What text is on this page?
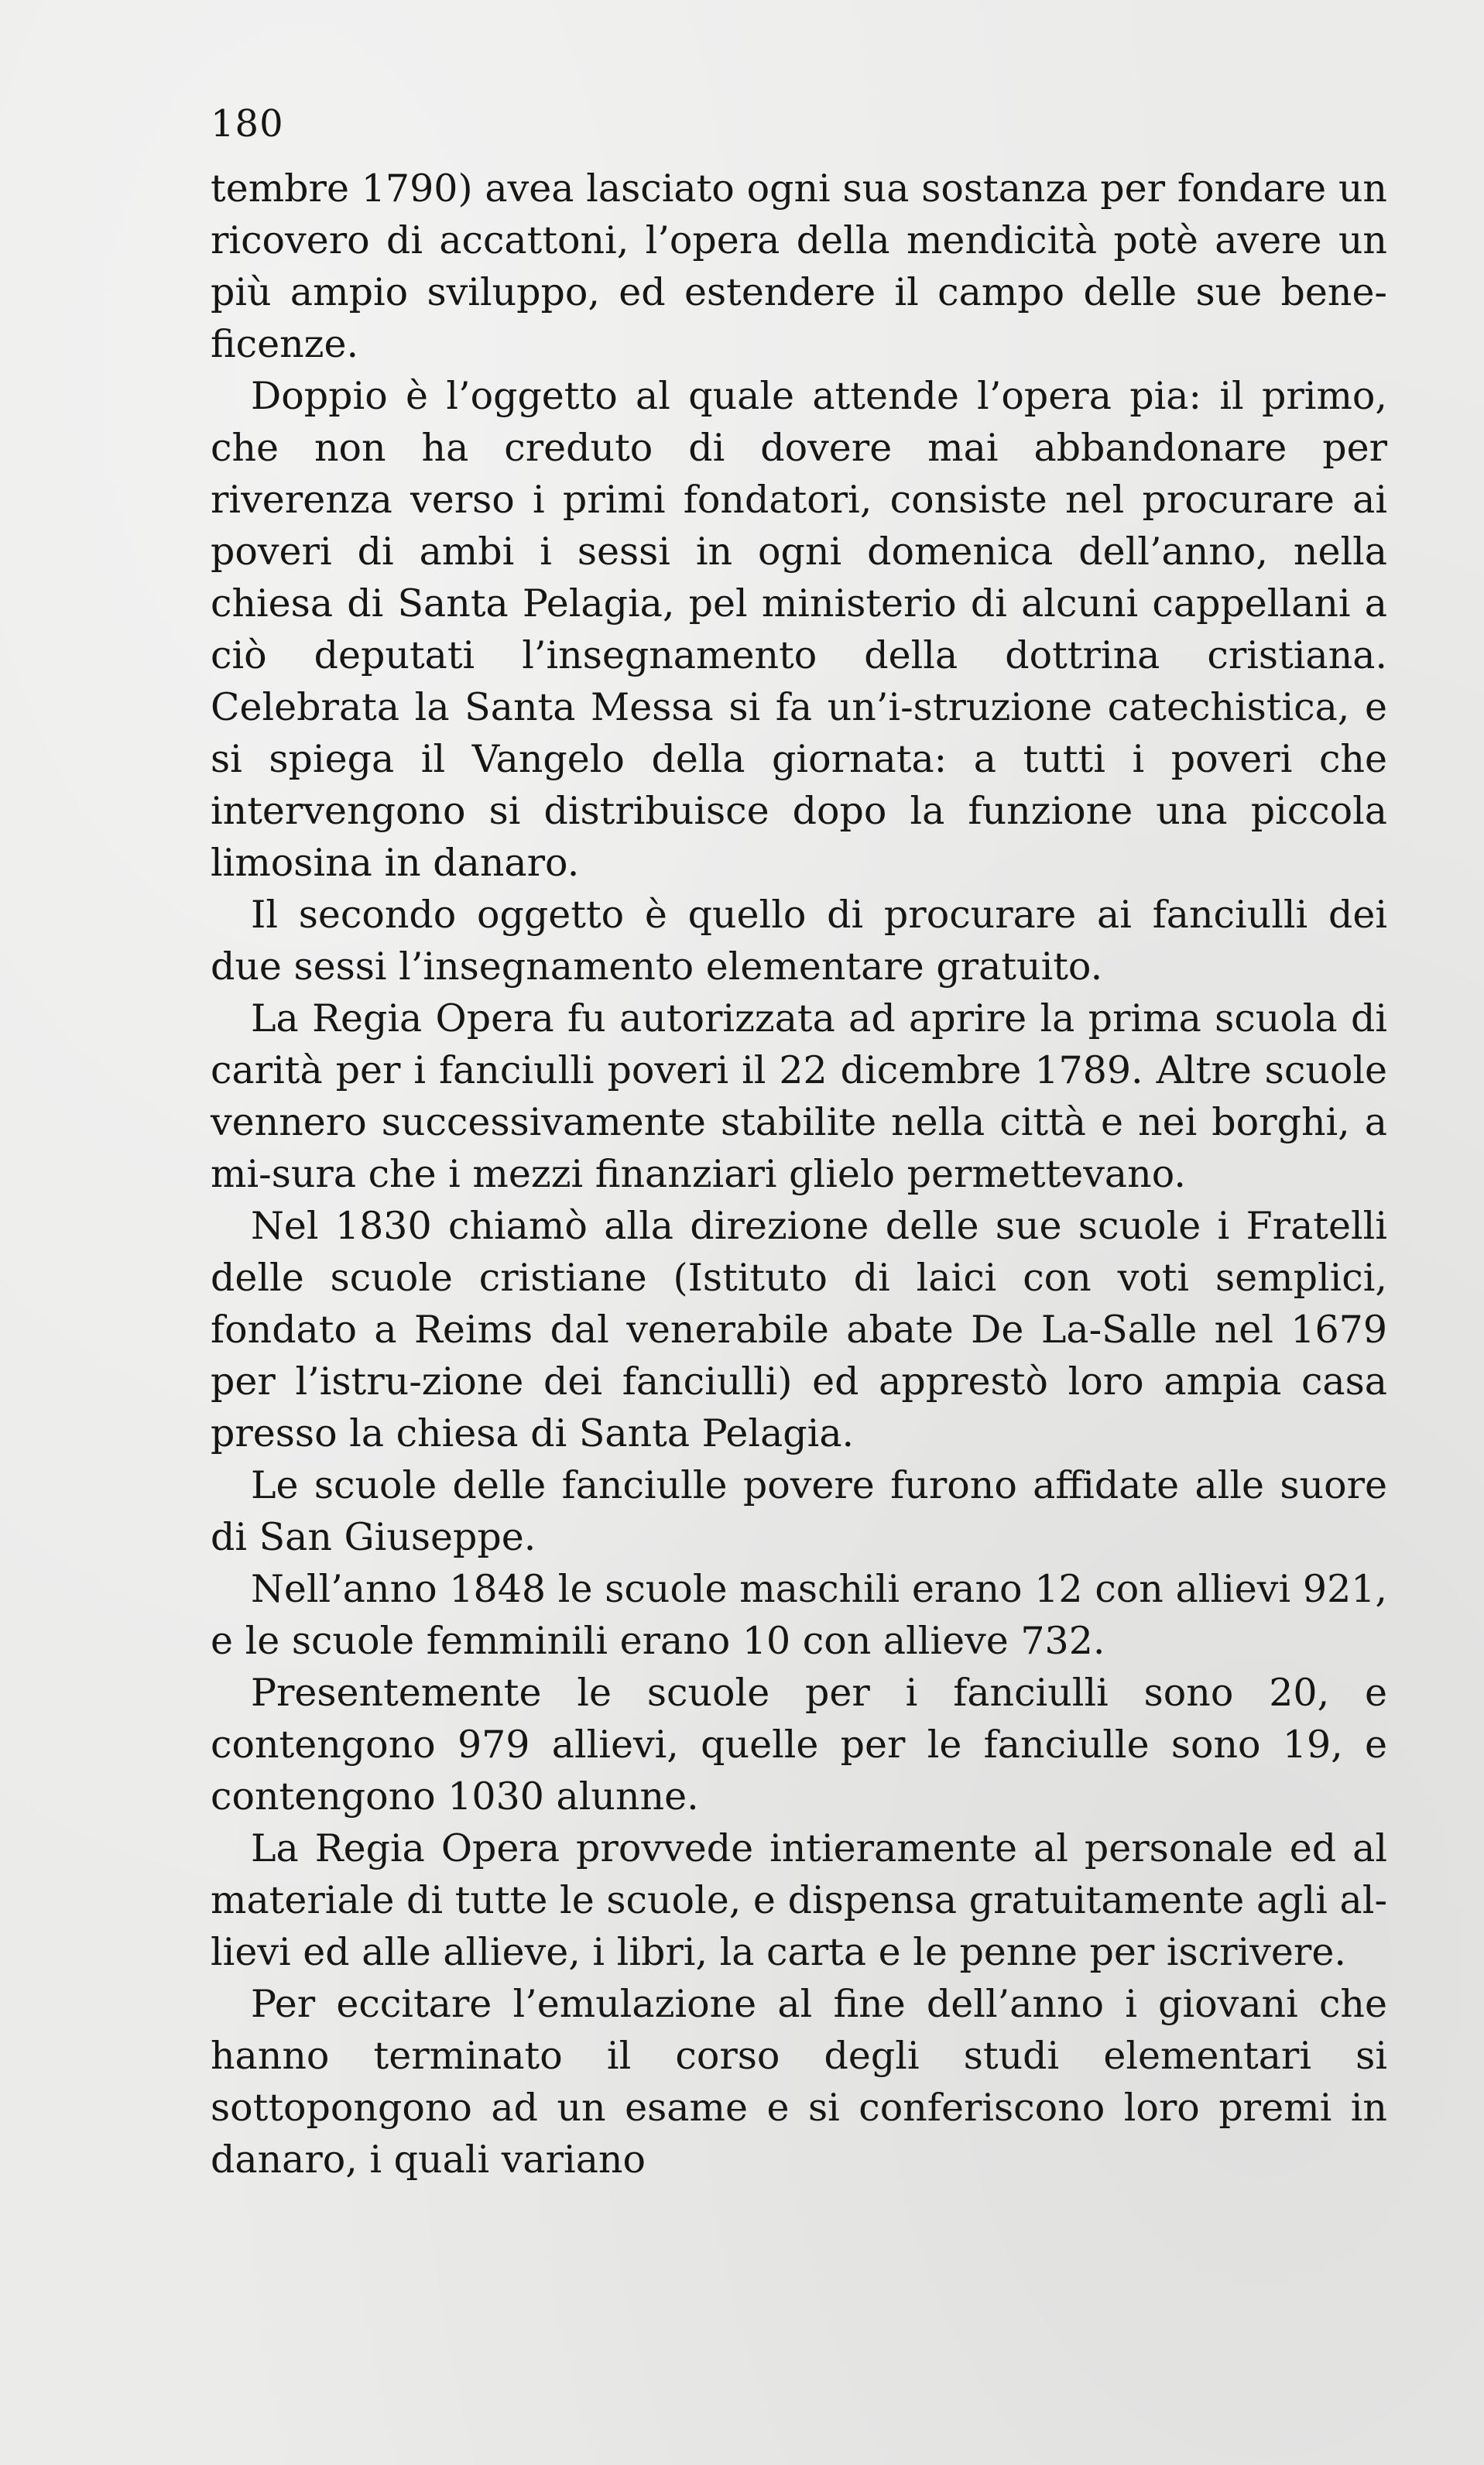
180

tembre 1790) avea lasciato ogni sua sostanza per fondare un ricovero di accattoni, l’opera della mendicità potè avere un più ampio sviluppo, ed estendere il campo delle sue bene-ficenze.

Doppio è l’oggetto al quale attende l’opera pia: il primo, che non ha creduto di dovere mai abbandonare per riverenza verso i primi fondatori, consiste nel procurare ai poveri di ambi i sessi in ogni domenica dell’anno, nella chiesa di Santa Pelagia, pel ministerio di alcuni cappellani a ciò deputati l’insegnamento della dottrina cristiana. Celebrata la Santa Messa si fa un’i-struzione catechistica, e si spiega il Vangelo della giornata: a tutti i poveri che intervengono si distribuisce dopo la funzione una piccola limosina in danaro.

Il secondo oggetto è quello di procurare ai fanciulli dei due sessi l’insegnamento elementare gratuito.

La Regia Opera fu autorizzata ad aprire la prima scuola di carità per i fanciulli poveri il 22 dicembre 1789. Altre scuole vennero successivamente stabilite nella città e nei borghi, a mi-sura che i mezzi finanziari glielo permettevano.

Nel 1830 chiamò alla direzione delle sue scuole i Fratelli delle scuole cristiane (Istituto di laici con voti semplici, fondato a Reims dal venerabile abate De La-Salle nel 1679 per l’istru-zione dei fanciulli) ed apprestò loro ampia casa presso la chiesa di Santa Pelagia.

Le scuole delle fanciulle povere furono affidate alle suore di San Giuseppe.

Nell’anno 1848 le scuole maschili erano 12 con allievi 921, e le scuole femminili erano 10 con allieve 732.

Presentemente le scuole per i fanciulli sono 20, e contengono 979 allievi, quelle per le fanciulle sono 19, e contengono 1030 alunne.

La Regia Opera provvede intieramente al personale ed al materiale di tutte le scuole, e dispensa gratuitamente agli al-lievi ed alle allieve, i libri, la carta e le penne per iscrivere.

Per eccitare l’emulazione al fine dell’anno i giovani che hanno terminato il corso degli studi elementari si sottopongono ad un esame e si conferiscono loro premi in danaro, i quali variano
